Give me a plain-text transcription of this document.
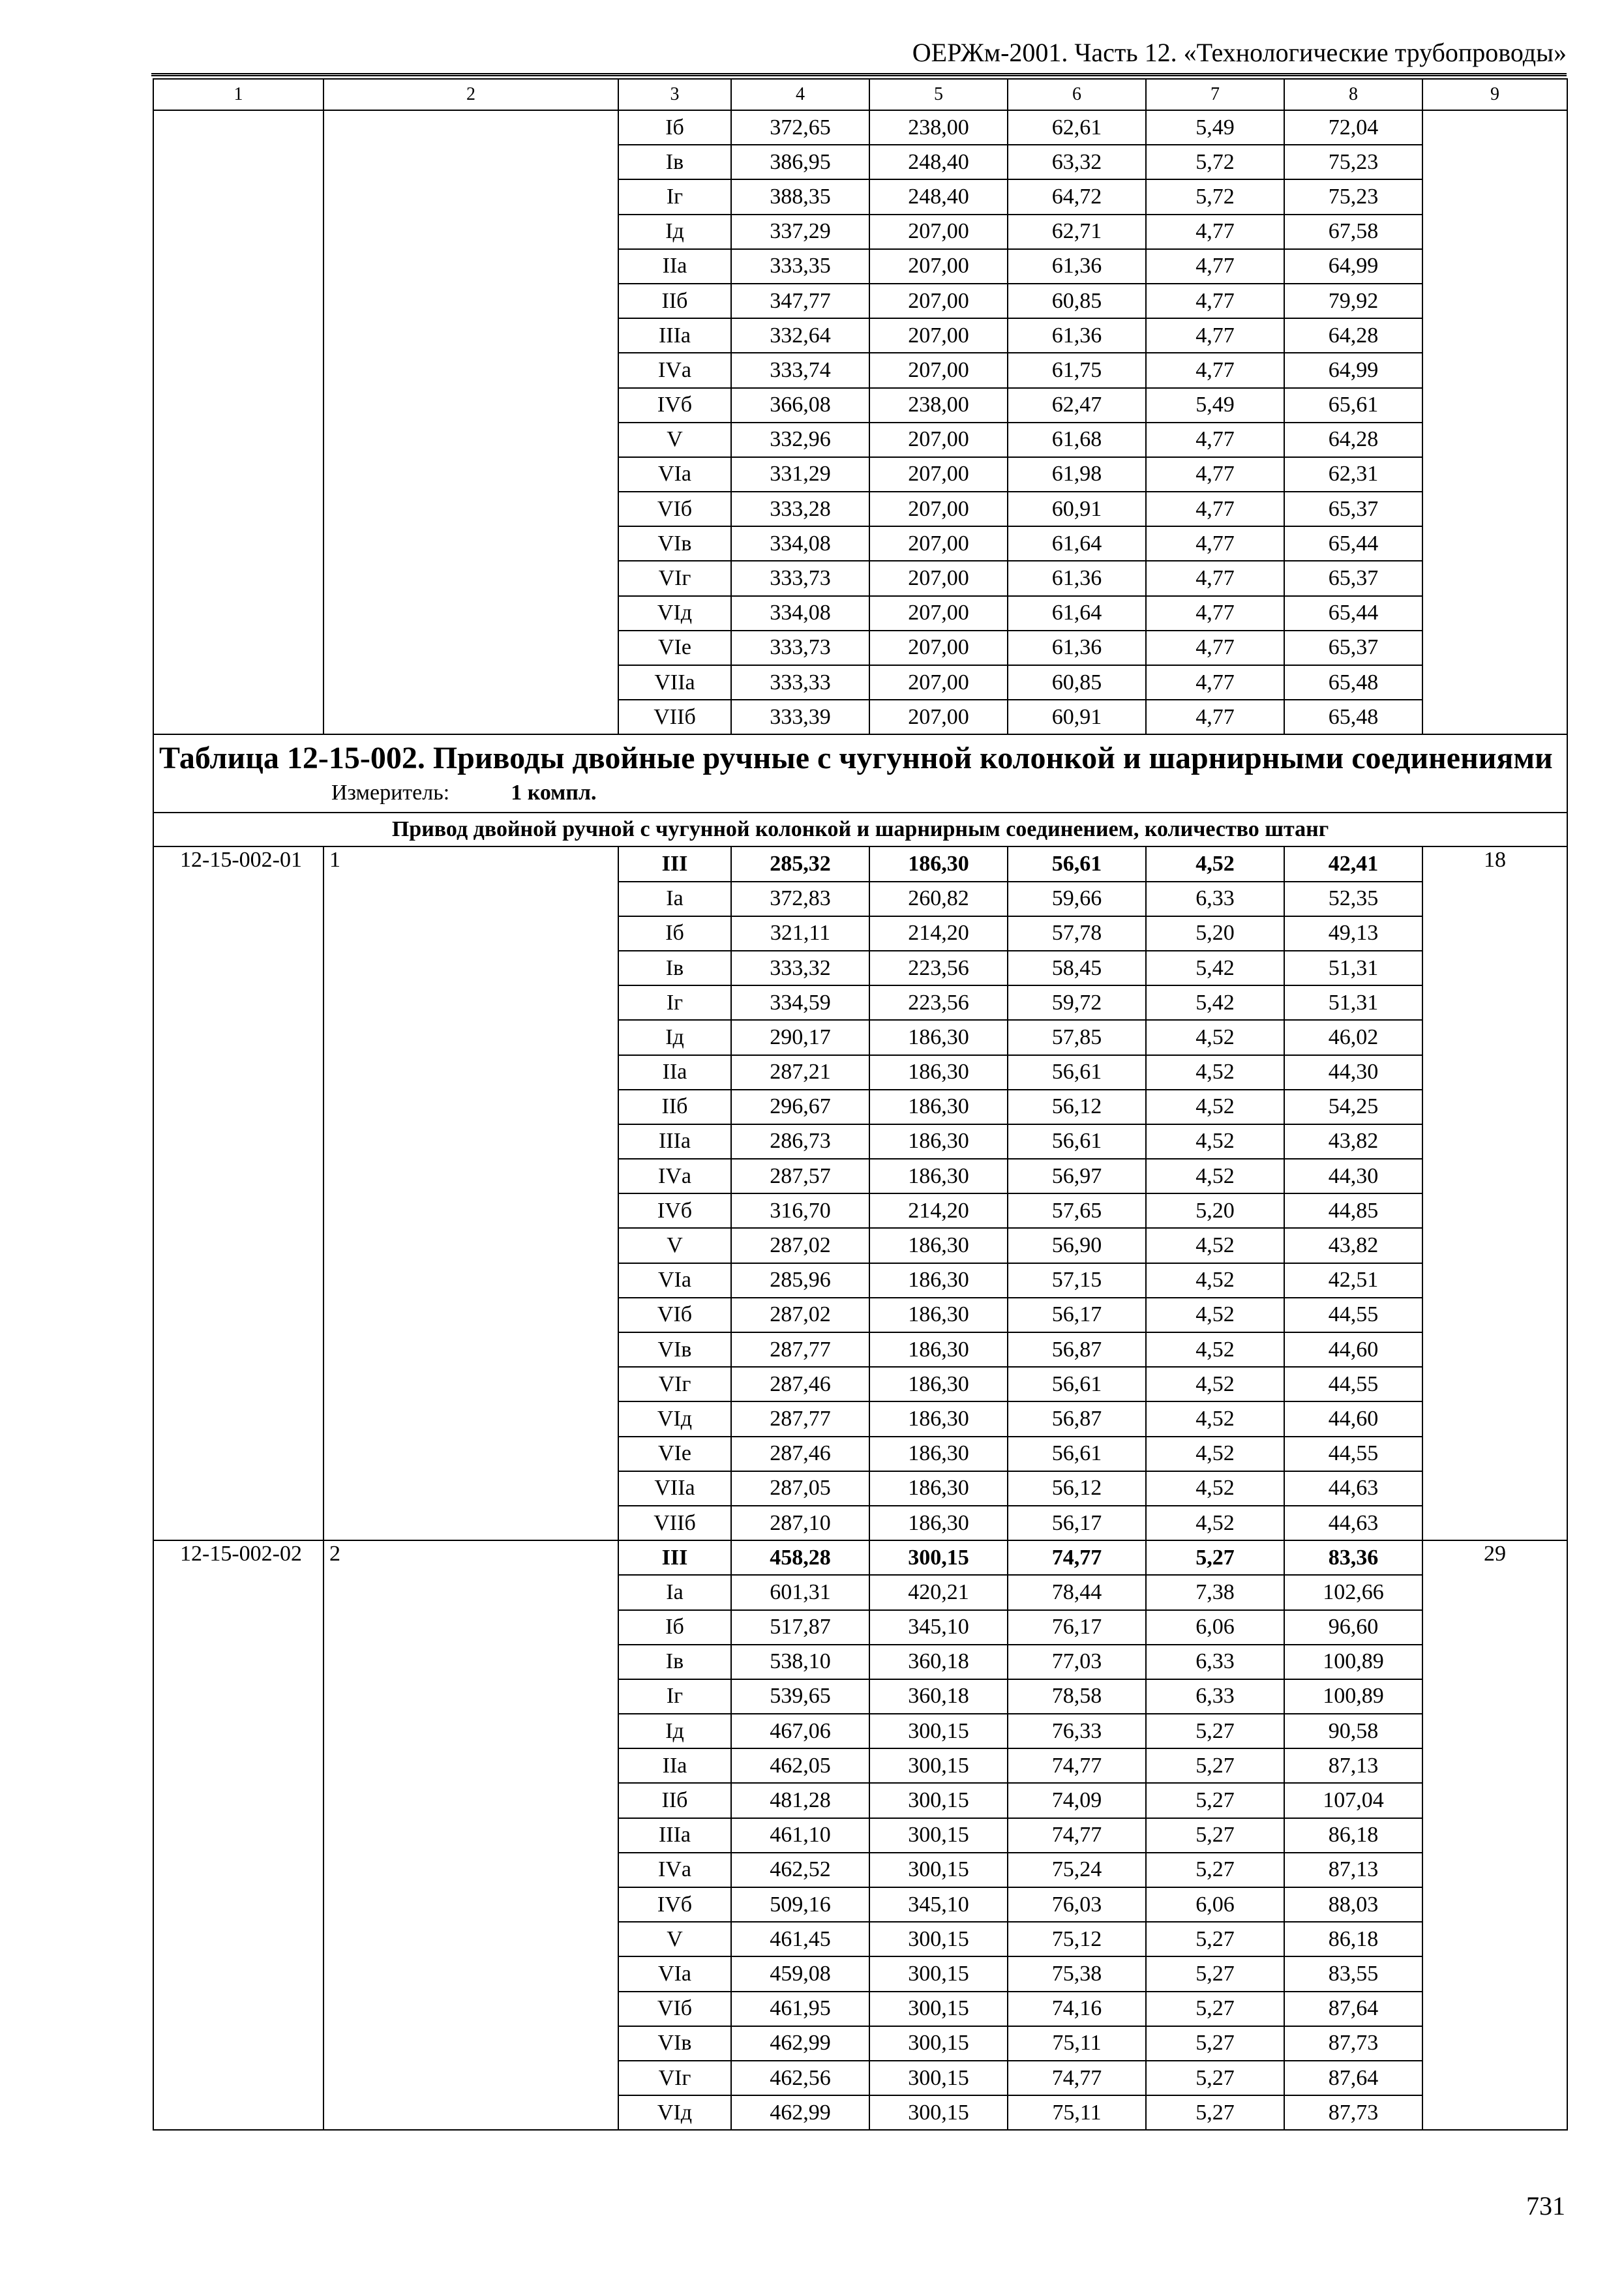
ОЕРЖм-2001. Часть 12. «Технологические трубопроводы»
1	2	3	4	5	6	7	8	9
		Iб	372,65	238,00	62,61	5,49	72,04	
		Iв	386,95	248,40	63,32	5,72	75,23	
		Iг	388,35	248,40	64,72	5,72	75,23	
		Iд	337,29	207,00	62,71	4,77	67,58	
		IIа	333,35	207,00	61,36	4,77	64,99	
		IIб	347,77	207,00	60,85	4,77	79,92	
		IIIа	332,64	207,00	61,36	4,77	64,28	
		IVа	333,74	207,00	61,75	4,77	64,99	
		IVб	366,08	238,00	62,47	5,49	65,61	
		V	332,96	207,00	61,68	4,77	64,28	
		VIа	331,29	207,00	61,98	4,77	62,31	
		VIб	333,28	207,00	60,91	4,77	65,37	
		VIв	334,08	207,00	61,64	4,77	65,44	
		VIг	333,73	207,00	61,36	4,77	65,37	
		VIд	334,08	207,00	61,64	4,77	65,44	
		VIе	333,73	207,00	61,36	4,77	65,37	
		VIIа	333,33	207,00	60,85	4,77	65,48	
		VIIб	333,39	207,00	60,91	4,77	65,48	

Таблица 12-15-002. Приводы двойные ручные с чугунной колонкой и шарнирными соединениями
Измеритель: 1 компл.								

Привод двойной ручной с чугунной колонкой и шарнирным соединением, количество штанг								
12-15-002-01	1	III	285,32	186,30	56,61	4,52	42,41	18
		Iа	372,83	260,82	59,66	6,33	52,35	
		Iб	321,11	214,20	57,78	5,20	49,13	
		Iв	333,32	223,56	58,45	5,42	51,31	
		Iг	334,59	223,56	59,72	5,42	51,31	
		Iд	290,17	186,30	57,85	4,52	46,02	
		IIа	287,21	186,30	56,61	4,52	44,30	
		IIб	296,67	186,30	56,12	4,52	54,25	
		IIIа	286,73	186,30	56,61	4,52	43,82	
		IVа	287,57	186,30	56,97	4,52	44,30	
		IVб	316,70	214,20	57,65	5,20	44,85	
		V	287,02	186,30	56,90	4,52	43,82	
		VIа	285,96	186,30	57,15	4,52	42,51	
		VIб	287,02	186,30	56,17	4,52	44,55	
		VIв	287,77	186,30	56,87	4,52	44,60	
		VIг	287,46	186,30	56,61	4,52	44,55	
		VIд	287,77	186,30	56,87	4,52	44,60	
		VIе	287,46	186,30	56,61	4,52	44,55	
		VIIа	287,05	186,30	56,12	4,52	44,63	
		VIIб	287,10	186,30	56,17	4,52	44,63	
12-15-002-02	2	III	458,28	300,15	74,77	5,27	83,36	29
		Iа	601,31	420,21	78,44	7,38	102,66	
		Iб	517,87	345,10	76,17	6,06	96,60	
		Iв	538,10	360,18	77,03	6,33	100,89	
		Iг	539,65	360,18	78,58	6,33	100,89	
		Iд	467,06	300,15	76,33	5,27	90,58	
		IIа	462,05	300,15	74,77	5,27	87,13	
		IIб	481,28	300,15	74,09	5,27	107,04	
		IIIа	461,10	300,15	74,77	5,27	86,18	
		IVа	462,52	300,15	75,24	5,27	87,13	
		IVб	509,16	345,10	76,03	6,06	88,03	
		V	461,45	300,15	75,12	5,27	86,18	
		VIа	459,08	300,15	75,38	5,27	83,55	
		VIб	461,95	300,15	74,16	5,27	87,64	
		VIв	462,99	300,15	75,11	5,27	87,73	
		VIг	462,56	300,15	74,77	5,27	87,64	
		VIд	462,99	300,15	75,11	5,27	87,73	
731
